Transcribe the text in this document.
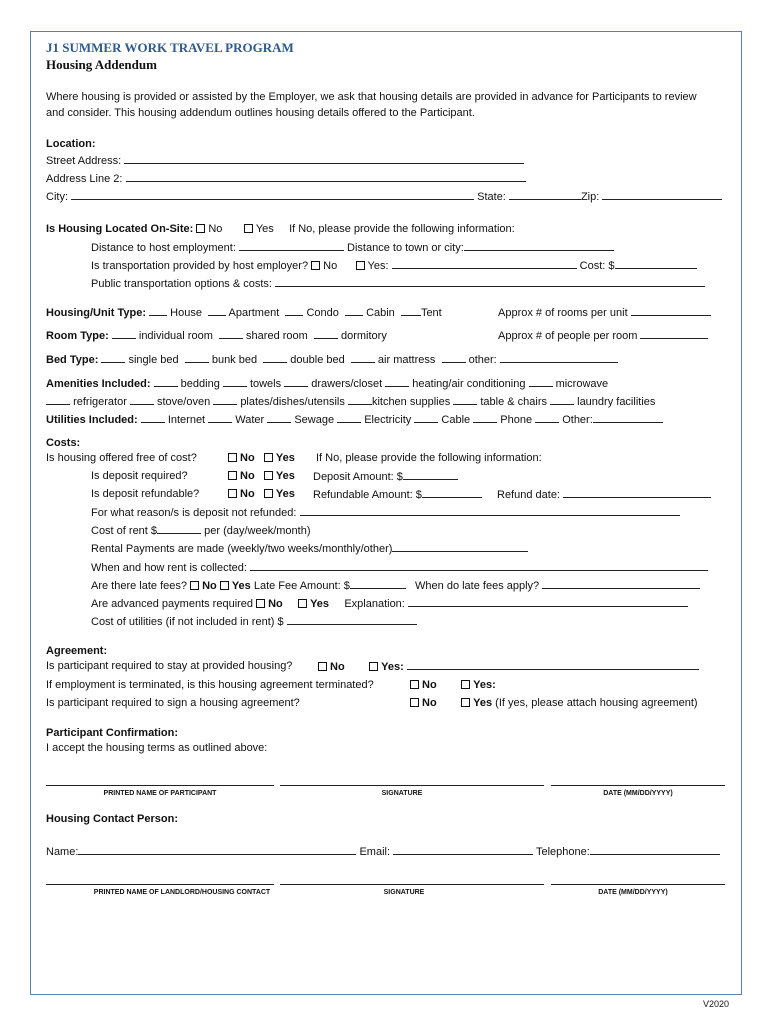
J1 SUMMER WORK TRAVEL PROGRAM
Housing Addendum
Where housing is provided or assisted by the Employer, we ask that housing details are provided in advance for Participants to review
and consider. This housing addendum outlines housing details offered to the Participant.
Location:
Street Address:
Address Line 2:
City:	State:	Zip:
Is Housing Located On-Site: No	Yes If No, please provide the following information:
Distance to host employment:	Distance to town or city:
Is transportation provided by host employer? No	Yes:	Cost: $
Public transportation options & costs:
Housing/Unit Type: House Apartment Condo Cabin Tent	Approx # of rooms per unit
Room Type:	individual room	shared room	dormitory	Approx # of people per room
Bed Type:	single bed	bunk bed	double bed	air mattress	other:
Amenities Included:	bedding	towels	drawers/closet	heating/air conditioning	microwave
refrigerator	stove/oven	plates/dishes/utensils kitchen supplies	table & chairs	laundry facilities
Utilities Included:	Internet	Water	Sewage	Electricity	Cable	Phone	Other:
Costs:
Is housing offered free of cost?	No Yes If No, please provide the following information:
Is deposit required?	No Yes Deposit Amount: $
Is deposit refundable?	No Yes Refundable Amount: $	Refund date:
For what reason/s is deposit not refunded:
Cost of rent $	per (day/week/month)
Rental Payments are made (weekly/two weeks/monthly/other)
When and how rent is collected:
Are there late fees? No Yes Late Fee Amount: $	When do late fees apply?
Are advanced payments required No Yes Explanation:
Cost of utilities (if not included in rent) $
Agreement:
Is participant required to stay at provided housing?	No	Yes:
If employment is terminated, is this housing agreement terminated?	No	Yes:
Is participant required to sign a housing agreement?	No	Yes (If yes, please attach housing agreement)
Participant Confirmation:
I accept the housing terms as outlined above:
PRINTED NAME OF PARTICIPANT	SIGNATURE	DATE (MM/DD/YYYY)
Housing Contact Person:
Name:	Email:	Telephone:
PRINTED NAME OF LANDLORD/HOUSING CONTACT	SIGNATURE	DATE (MM/DD/YYYY)
V2020
